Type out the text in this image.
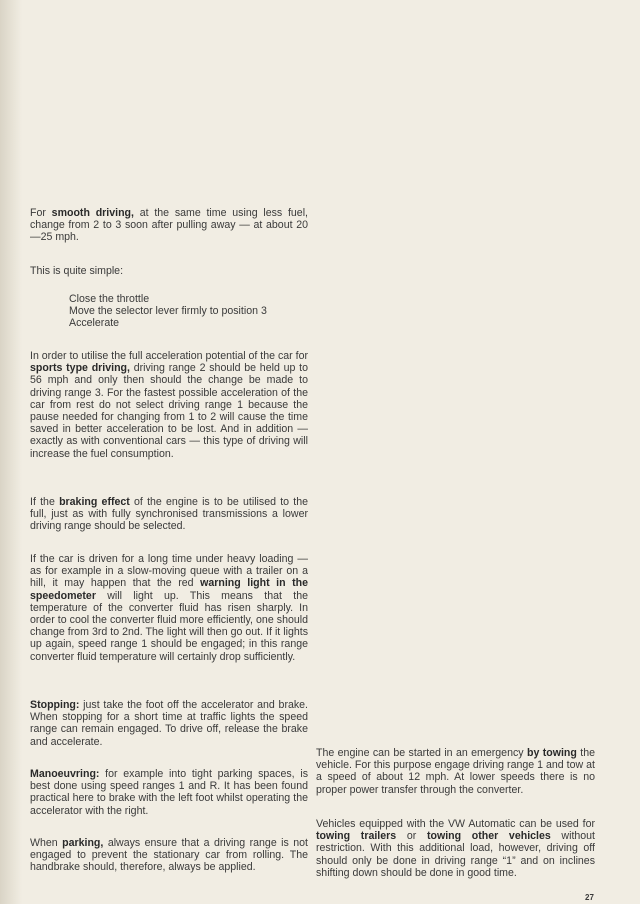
For smooth driving, at the same time using less fuel, change from 2 to 3 soon after pulling away — at about 20—25 mph.

This is quite simple:

Close the throttle
Move the selector lever firmly to position 3
Accelerate

In order to utilise the full acceleration potential of the car for sports type driving, driving range 2 should be held up to 56 mph and only then should the change be made to driving range 3. For the fastest possible acceleration of the car from rest do not select driving range 1 because the pause needed for changing from 1 to 2 will cause the time saved in better acceleration to be lost. And in addition — exactly as with conventional cars — this type of driving will increase the fuel consumption.

If the braking effect of the engine is to be utilised to the full, just as with fully synchronised transmissions a lower driving range should be selected.

If the car is driven for a long time under heavy loading — as for example in a slow-moving queue with a trailer on a hill, it may happen that the red warning light in the speedometer will light up. This means that the temperature of the converter fluid has risen sharply. In order to cool the converter fluid more efficiently, one should change from 3rd to 2nd. The light will then go out. If it lights up again, speed range 1 should be engaged; in this range converter fluid temperature will certainly drop sufficiently.

Stopping: just take the foot off the accelerator and brake. When stopping for a short time at traffic lights the speed range can remain engaged. To drive off, release the brake and accelerate.

Manoeuvring: for example into tight parking spaces, is best done using speed ranges 1 and R. It has been found practical here to brake with the left foot whilst operating the accelerator with the right.

When parking, always ensure that a driving range is not engaged to prevent the stationary car from rolling. The handbrake should, therefore, always be applied.

The engine can be started in an emergency by towing the vehicle. For this purpose engage driving range 1 and tow at a speed of about 12 mph. At lower speeds there is no proper power transfer through the converter.

Vehicles equipped with the VW Automatic can be used for towing trailers or towing other vehicles without restriction. With this additional load, however, driving off should only be done in driving range “1” and on inclines shifting down should be done in good time.

27
